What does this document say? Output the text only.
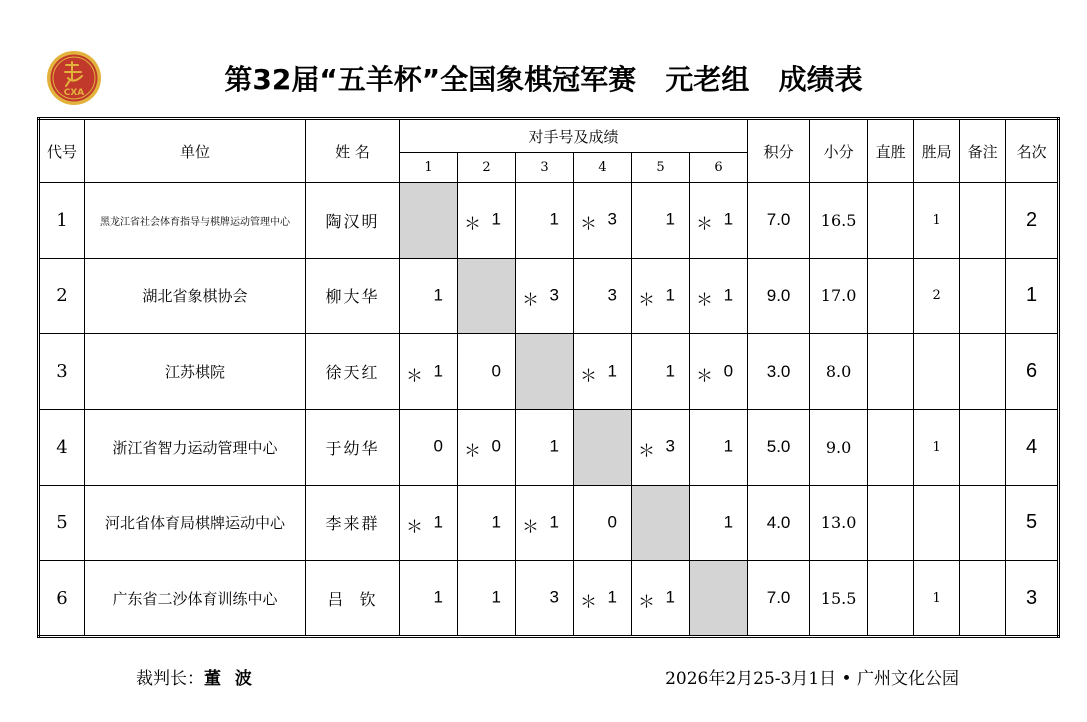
CXA	第32届“五羊杯”全国象棋冠军赛   元老组   成绩表
代号	单位	姓 名	对手号及成绩						积分	小分	直胜	胜局	备注	名次
			1	2	3	4	5	6						
1	黑龙江省社会体育指导与棋牌运动管理中心	陶汉明		＊ 1	1	＊ 3	1	＊ 1	7.0	16.5		1		2
2	湖北省象棋协会	柳大华	1		＊ 3	3	＊ 1	＊ 1	9.0	17.0		2		1
3	江苏棋院	徐天红	＊ 1	0		＊ 1	1	＊ 0	3.0	8.0				6
4	浙江省智力运动管理中心	于幼华	0	＊ 0	1		＊ 3	1	5.0	9.0		1		4
5	河北省体育局棋牌运动中心	李来群	＊ 1	1	＊ 1	0		1	4.0	13.0				5
6	广东省二沙体育训练中心	吕  钦	1	1	3	＊ 1	＊ 1		7.0	15.5		1		3
裁判长：董 波	2026年2月25-3月1日 • 广州文化公园
